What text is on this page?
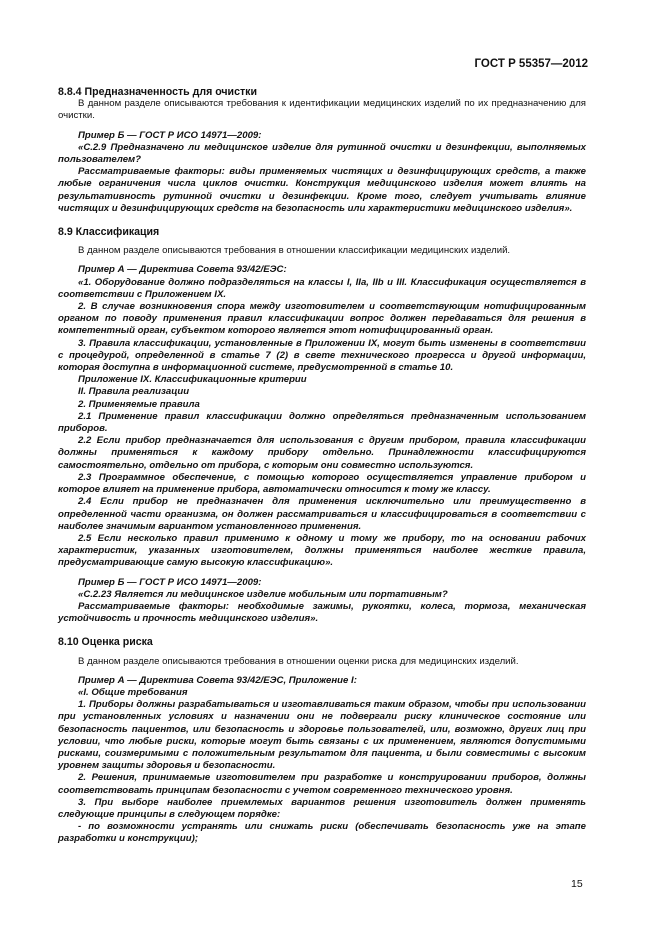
ГОСТ Р 55357—2012

8.8.4 Предназначенность для очистки

В данном разделе описываются требования к идентификации медицинских изделий по их предназначению для очистки.

Пример Б — ГОСТ Р ИСО 14971—2009:

«С.2.9 Предназначено ли медицинское изделие для рутинной очистки и дезинфекции, выполняемых пользователем?

Рассматриваемые факторы: виды применяемых чистящих и дезинфицирующих средств, а также любые ограничения числа циклов очистки. Конструкция медицинского изделия может влиять на результативность рутинной очистки и дезинфекции. Кроме того, следует учитывать влияние чистящих и дезинфицирующих средств на безопасность или характеристики медицинского изделия».

8.9 Классификация

В данном разделе описываются требования в отношении классификации медицинских изделий.

Пример А — Директива Совета 93/42/ЕЭС:

«1. Оборудование должно подразделяться на классы I, IIa, IIb и III. Классификация осуществляется в соответствии с Приложением IX.

2. В случае возникновения спора между изготовителем и соответствующим нотифицированным органом по поводу применения правил классификации вопрос должен передаваться для решения в компетентный орган, субъектом которого является этот нотифицированный орган.

3. Правила классификации, установленные в Приложении IX, могут быть изменены в соответствии с процедурой, определенной в статье 7 (2) в свете технического прогресса и другой информации, которая доступна в информационной системе, предусмотренной в статье 10.

Приложение IX. Классификационные критерии

II. Правила реализации

2. Применяемые правила

2.1 Применение правил классификации должно определяться предназначенным использованием приборов.

2.2 Если прибор предназначается для использования с другим прибором, правила классификации должны применяться к каждому прибору отдельно. Принадлежности классифицируются самостоятельно, отдельно от прибора, с которым они совместно используются.

2.3 Программное обеспечение, с помощью которого осуществляется управление прибором и которое влияет на применение прибора, автоматически относится к тому же классу.

2.4 Если прибор не предназначен для применения исключительно или преимущественно в определенной части организма, он должен рассматриваться и классифицироваться в соответствии с наиболее значимым вариантом установленного применения.

2.5 Если несколько правил применимо к одному и тому же прибору, то на основании рабочих характеристик, указанных изготовителем, должны применяться наиболее жесткие правила, предусматривающие самую высокую классификацию».

Пример Б — ГОСТ Р ИСО 14971—2009:

«С.2.23 Является ли медицинское изделие мобильным или портативным?

Рассматриваемые факторы: необходимые зажимы, рукоятки, колеса, тормоза, механическая устойчивость и прочность медицинского изделия».

8.10 Оценка риска

В данном разделе описываются требования в отношении оценки риска для медицинских изделий.

Пример А — Директива Совета 93/42/ЕЭС, Приложение I:

«I. Общие требования

1. Приборы должны разрабатываться и изготавливаться таким образом, чтобы при использовании при установленных условиях и назначении они не подвергали риску клиническое состояние или безопасность пациентов, или безопасность и здоровье пользователей, или, возможно, других лиц при условии, что любые риски, которые могут быть связаны с их применением, являются допустимыми рисками, соизмеримыми с положительным результатом для пациента, и были совместимы с высоким уровнем защиты здоровья и безопасности.

2. Решения, принимаемые изготовителем при разработке и конструировании приборов, должны соответствовать принципам безопасности с учетом современного технического уровня.

3. При выборе наиболее приемлемых вариантов решения изготовитель должен применять следующие принципы в следующем порядке:

- по возможности устранять или снижать риски (обеспечивать безопасность уже на этапе разработки и конструкции);

15
